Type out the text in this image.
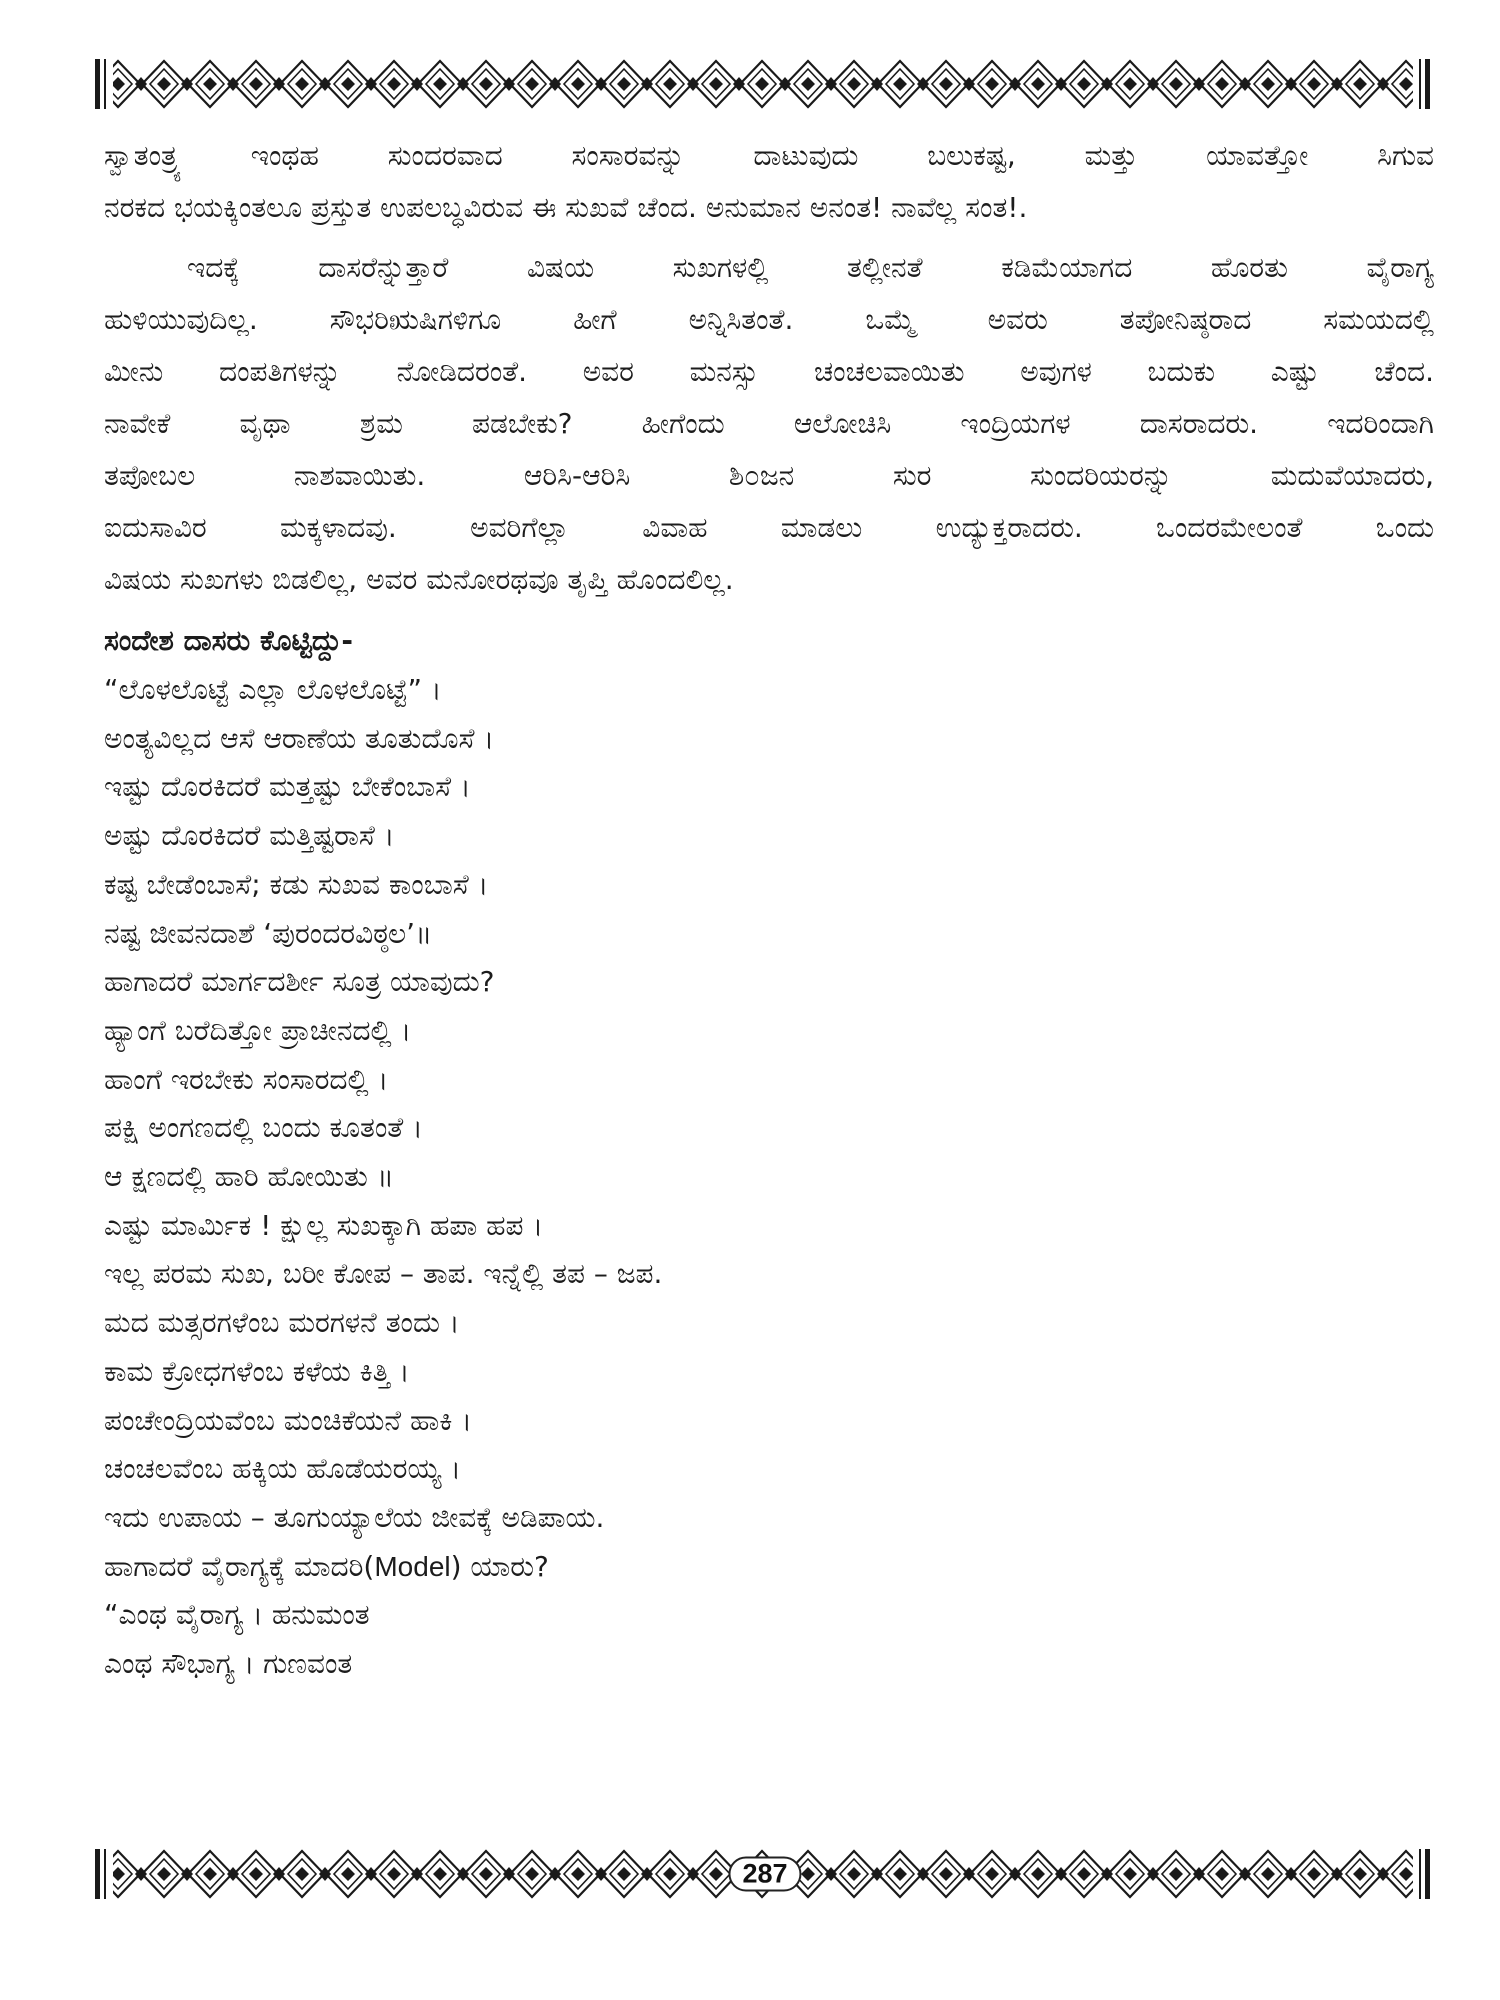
ಸ್ವಾತಂತ್ರ್ಯ ಇಂಥಹ ಸುಂದರವಾದ ಸಂಸಾರವನ್ನು ದಾಟುವುದು ಬಲುಕಷ್ಟ, ಮತ್ತು ಯಾವತ್ತೋ ಸಿಗುವ

ನರಕದ ಭಯಕ್ಕಿಂತಲೂ ಪ್ರಸ್ತುತ ಉಪಲಬ್ಧವಿರುವ ಈ ಸುಖವೆ ಚೆಂದ. ಅನುಮಾನ ಅನಂತ! ನಾವೆಲ್ಲ ಸಂತ!.

ಇದಕ್ಕೆ ದಾಸರೆನ್ನುತ್ತಾರೆ ವಿಷಯ ಸುಖಗಳಲ್ಲಿ ತಲ್ಲೀನತೆ ಕಡಿಮೆಯಾಗದ ಹೊರತು ವೈರಾಗ್ಯ

ಹುಳಿಯುವುದಿಲ್ಲ. ಸೌಭರಿಋಷಿಗಳಿಗೂ ಹೀಗೆ ಅನ್ನಿಸಿತಂತೆ. ಒಮ್ಮೆ ಅವರು ತಪೋನಿಷ್ಠರಾದ ಸಮಯದಲ್ಲಿ

ಮೀನು ದಂಪತಿಗಳನ್ನು ನೋಡಿದರಂತೆ. ಅವರ ಮನಸ್ಸು ಚಂಚಲವಾಯಿತು ಅವುಗಳ ಬದುಕು ಎಷ್ಟು ಚೆಂದ.

ನಾವೇಕೆ ವೃಥಾ ಶ್ರಮ ಪಡಬೇಕು? ಹೀಗೆಂದು ಆಲೋಚಿಸಿ ಇಂದ್ರಿಯಗಳ ದಾಸರಾದರು. ಇದರಿಂದಾಗಿ

ತಪೋಬಲ ನಾಶವಾಯಿತು. ಆರಿಸಿ-ಆರಿಸಿ ಶಿ೦ಜನ ಸುರ ಸುಂದರಿಯರನ್ನು ಮದುವೆಯಾದರು,

ಐದುಸಾವಿರ ಮಕ್ಕಳಾದವು. ಅವರಿಗೆಲ್ಲಾ ವಿವಾಹ ಮಾಡಲು ಉದ್ಯುಕ್ತರಾದರು. ಒಂದರಮೇಲಂತೆ ಒಂದು

ವಿಷಯ ಸುಖಗಳು ಬಿಡಲಿಲ್ಲ, ಅವರ ಮನೋರಥವೂ ತೃಪ್ತಿ ಹೊಂದಲಿಲ್ಲ.

ಸಂದೇಶ ದಾಸರು ಕೊಟ್ಟಿದ್ದು-

“ಲೊಳಲೊಟ್ಟೆ ಎಲ್ಲಾ ಲೊಳಲೊಟ್ಟೆ” ।

ಅಂತ್ಯವಿಲ್ಲದ ಆಸೆ ಆರಾಣೆಯ ತೂತುದೊಸೆ ।

ಇಷ್ಟು ದೊರಕಿದರೆ ಮತ್ತಷ್ಟು ಬೇಕೆಂಬಾಸೆ ।

ಅಷ್ಟು ದೊರಕಿದರೆ ಮತ್ತಿಷ್ಟರಾಸೆ ।

ಕಷ್ಟ ಬೇಡೆಂಬಾಸೆ; ಕಡು ಸುಖವ ಕಾಂಬಾಸೆ ।

ನಷ್ಟ ಜೀವನದಾಶೆ ‘ಪುರಂದರವಿಠ್ಠಲ’॥

ಹಾಗಾದರೆ ಮಾರ್ಗದರ್ಶೀ ಸೂತ್ರ ಯಾವುದು?

ಹ್ಯಾಂಗೆ ಬರೆದಿತ್ತೋ ಪ್ರಾಚೀನದಲ್ಲಿ ।

ಹಾಂಗೆ ಇರಬೇಕು ಸಂಸಾರದಲ್ಲಿ ।

ಪಕ್ಷಿ ಅಂಗಣದಲ್ಲಿ ಬಂದು ಕೂತಂತೆ ।

ಆ ಕ್ಷಣದಲ್ಲಿ ಹಾರಿ ಹೋಯಿತು ॥

ಎಷ್ಟು ಮಾರ್ಮಿಕ ! ಕ್ಷುಲ್ಲ ಸುಖಕ್ಕಾಗಿ ಹಪಾ ಹಪ ।

ಇಲ್ಲ ಪರಮ ಸುಖ, ಬರೀ ಕೋಪ – ತಾಪ. ಇನ್ನೆಲ್ಲಿ ತಪ – ಜಪ.

ಮದ ಮತ್ಸರಗಳೆಂಬ ಮರಗಳನೆ ತಂದು ।

ಕಾಮ ಕ್ರೋಧಗಳೆಂಬ ಕಳೆಯ ಕಿತ್ತಿ ।

ಪಂಚೇಂದ್ರಿಯವೆಂಬ ಮಂಚಿಕೆಯನೆ ಹಾಕಿ ।

ಚಂಚಲವೆಂಬ ಹಕ್ಕಿಯ ಹೊಡೆಯರಯ್ಯ ।

ಇದು ಉಪಾಯ – ತೂಗುಯ್ಯಾಲೆಯ ಜೀವಕ್ಕೆ ಅಡಿಪಾಯ.

ಹಾಗಾದರೆ ವೈರಾಗ್ಯಕ್ಕೆ ಮಾದರಿ(Model) ಯಾರು?
“ಎಂಥ ವೈರಾಗ್ಯ । ಹನುಮಂತ
ಎಂಥ ಸೌಭಾಗ್ಯ । ಗುಣವಂತ
287
